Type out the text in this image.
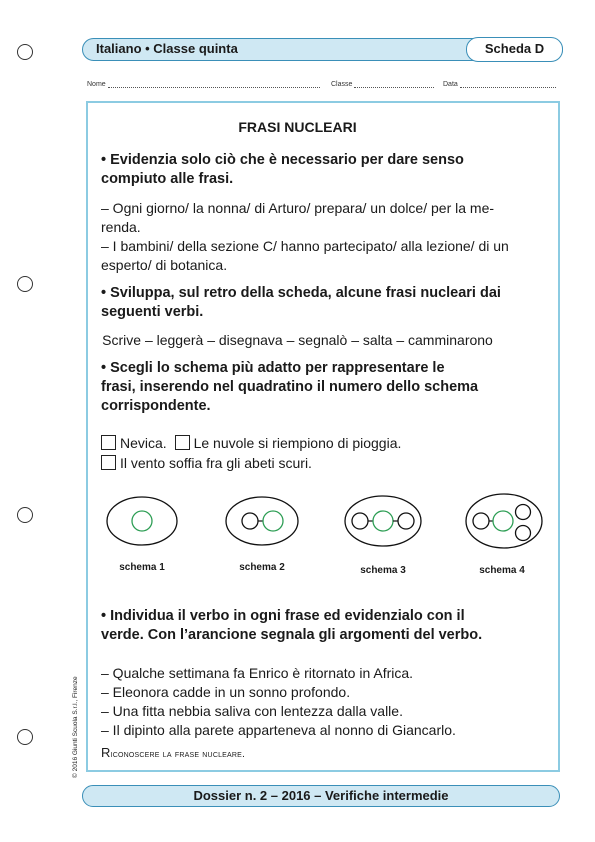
Italiano • Classe quinta	Scheda D
Nome	Classe	Data
FRASI NUCLEARI
• Evidenzia solo ciò che è necessario per dare senso
compiuto alle frasi.
– Ogni giorno/ la nonna/ di Arturo/ prepara/ un dolce/ per la me-
renda.
– I bambini/ della sezione C/ hanno partecipato/ alla lezione/ di un
esperto/ di botanica.
• Sviluppa, sul retro della scheda, alcune frasi nucleari dai
seguenti verbi.
Scrive – leggerà – disegnava – segnalò – salta – camminarono
• Scegli lo schema più adatto per rappresentare le
frasi, inserendo nel quadratino il numero dello schema
corrispondente.
Nevica. Le nuvole si riempiono di pioggia.
Il vento soffia fra gli abeti scuri.
schema 1	schema 2	schema 3	schema 4
• Individua il verbo in ogni frase ed evidenzialo con il
verde. Con l’arancione segnala gli argomenti del verbo.
– Qualche settimana fa Enrico è ritornato in Africa.
– Eleonora cadde in un sonno profondo.
– Una fitta nebbia saliva con lentezza dalla valle.
– Il dipinto alla parete apparteneva al nonno di Giancarlo.
Riconoscere la frase nucleare.
© 2016 Giunti Scuola S.r.l., Firenze
Dossier n. 2 – 2016 – Verifiche intermedie
